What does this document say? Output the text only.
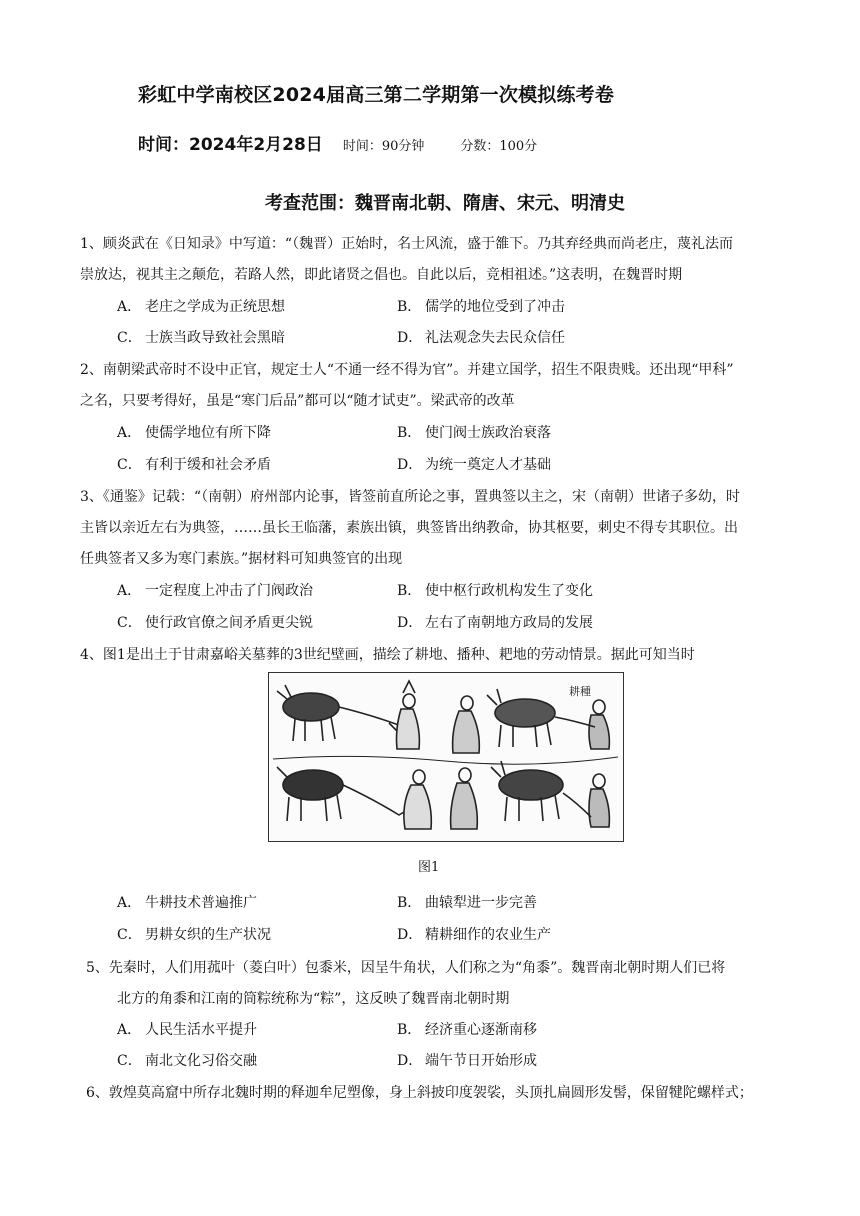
彩虹中学南校区2024届高三第二学期第一次模拟练考卷
时间：2024年2月28日 时间：90分钟	分数：100分
考查范围：魏晋南北朝、隋唐、宋元、明清史
1、顾炎武在《日知录》中写道：“（魏晋）正始时，名士风流，盛于雒下。乃其弃经典而尚老庄，蔑礼法而
崇放达，视其主之颠危，若路人然，即此诸贤之倡也。自此以后，竞相祖述。”这表明，在魏晋时期
A． 老庄之学成为正统思想	B． 儒学的地位受到了冲击
C． 士族当政导致社会黑暗	D． 礼法观念失去民众信任
2、南朝梁武帝时不设中正官，规定士人“不通一经不得为官”。并建立国学，招生不限贵贱。还出现“甲科”
之名，只要考得好，虽是“寒门后品”都可以“随才试吏”。梁武帝的改革
A． 使儒学地位有所下降	B． 使门阀士族政治衰落
C． 有利于缓和社会矛盾	D． 为统一奠定人才基础
3、《通鉴》记载：“（南朝）府州部内论事，皆签前直所论之事，置典签以主之，宋（南朝）世诸子多幼，时
主皆以亲近左右为典签，……虽长王临藩，素族出镇，典签皆出纳教命，协其枢要，刺史不得专其职位。出
任典签者又多为寒门素族。”据材料可知典签官的出现
A． 一定程度上冲击了门阀政治	B． 使中枢行政机构发生了变化
C． 使行政官僚之间矛盾更尖锐	D． 左右了南朝地方政局的发展
4、图1是出土于甘肃嘉峪关墓葬的3世纪壁画，描绘了耕地、播种、耙地的劳动情景。据此可知当时
耕種
图1
A． 牛耕技术普遍推广	B． 曲辕犁进一步完善
C． 男耕女织的生产状况	D． 精耕细作的农业生产
5、先秦时，人们用菰叶（菱白叶）包黍米，因呈牛角状，人们称之为“角黍”。魏晋南北朝时期人们已将
北方的角黍和江南的筒粽统称为“粽”，这反映了魏晋南北朝时期
A． 人民生活水平提升	B． 经济重心逐渐南移
C． 南北文化习俗交融	D． 端午节日开始形成
6、敦煌莫高窟中所存北魏时期的释迦牟尼塑像，身上斜披印度袈裟，头顶扎扁圆形发髻，保留犍陀螺样式；
